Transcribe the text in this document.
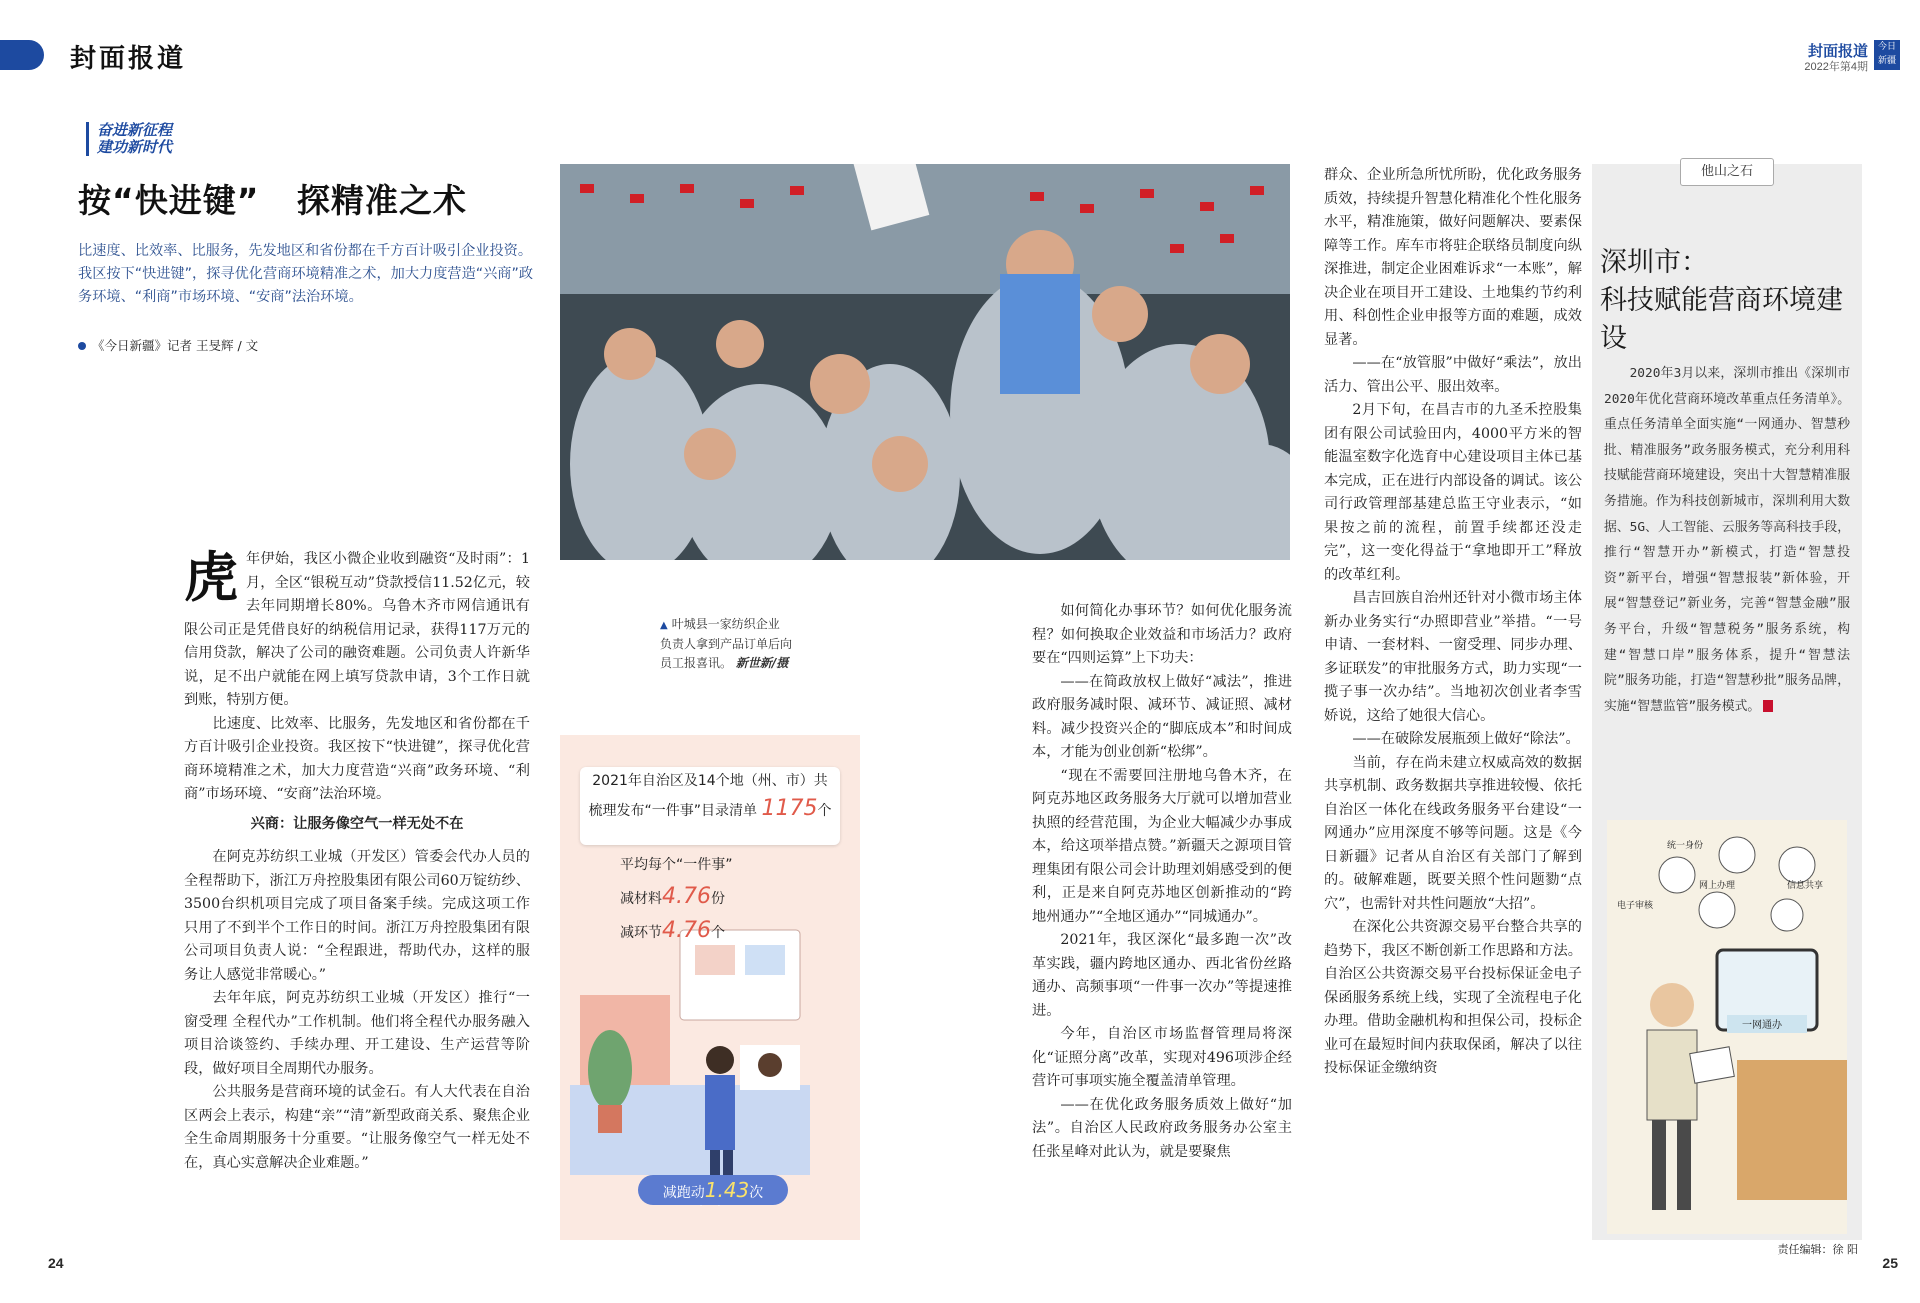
封面报道	封面报道
2022年第4期
今日新疆
奋进新征程
建功新时代
按“快进键”   探精准之术
比速度、比效率、比服务，先发地区和省份都在千方百计吸引企业投资。我区按下“快进键”，探寻优化营商环境精准之术，加大力度营造“兴商”政务环境、“利商”市场环境、“安商”法治环境。
《今日新疆》记者 王旻辉 / 文

虎年伊始，我区小微企业收到融资“及时雨”：1月，全区“银税互动”贷款授信11.52亿元，较去年同期增长80%。乌鲁木齐市网信通讯有限公司正是凭借良好的纳税信用记录，获得117万元的信用贷款，解决了公司的融资难题。公司负责人许新华说，足不出户就能在网上填写贷款申请，3个工作日就到账，特别方便。

比速度、比效率、比服务，先发地区和省份都在千方百计吸引企业投资。我区按下“快进键”，探寻优化营商环境精准之术，加大力度营造“兴商”政务环境、“利商”市场环境、“安商”法治环境。

兴商：让服务像空气一样无处不在

在阿克苏纺织工业城（开发区）管委会代办人员的全程帮助下，浙江万舟控股集团有限公司60万锭纺纱、3500台织机项目完成了项目备案手续。完成这项工作只用了不到半个工作日的时间。浙江万舟控股集团有限公司项目负责人说：“全程跟进，帮助代办，这样的服务让人感觉非常暖心。”

去年年底，阿克苏纺织工业城（开发区）推行“一窗受理 全程代办”工作机制。他们将全程代办服务融入项目洽谈签约、手续办理、开工建设、生产运营等阶段，做好项目全周期代办服务。

公共服务是营商环境的试金石。有人大代表在自治区两会上表示，构建“亲”“清”新型政商关系、聚焦企业全生命周期服务十分重要。“让服务像空气一样无处不在，真心实意解决企业难题。”

▲ 叶城县一家纺织企业
负责人拿到产品订单后向
员工报喜讯。 新世新/摄
2021年自治区及14个地（州、市）共
梳理发布“一件事”目录清单 1175个
平均每个“一件事”
减材料4.76份
减环节4.76个
减跑动1.43次

如何简化办事环节？如何优化服务流程？如何换取企业效益和市场活力？政府要在“四则运算”上下功夫：

——在简政放权上做好“减法”，推进政府服务减时限、减环节、减证照、减材料。减少投资兴企的“脚底成本”和时间成本，才能为创业创新“松绑”。

“现在不需要回注册地乌鲁木齐，在阿克苏地区政务服务大厅就可以增加营业执照的经营范围，为企业大幅减少办事成本，给这项举措点赞。”新疆天之源项目管理集团有限公司会计助理刘娟感受到的便利，正是来自阿克苏地区创新推动的“跨地州通办”“全地区通办”“同城通办”。

2021年，我区深化“最多跑一次”改革实践，疆内跨地区通办、西北省份丝路通办、高频事项“一件事一次办”等提速推进。

今年，自治区市场监督管理局将深化“证照分离”改革，实现对496项涉企经营许可事项实施全覆盖清单管理。

——在优化政务服务质效上做好“加法”。自治区人民政府政务服务办公室主任张星峰对此认为，就是要聚焦

群众、企业所急所忧所盼，优化政务服务质效，持续提升智慧化精准化个性化服务水平，精准施策，做好问题解决、要素保障等工作。库车市将驻企联络员制度向纵深推进，制定企业困难诉求“一本账”，解决企业在项目开工建设、土地集约节约利用、科创性企业申报等方面的难题，成效显著。

——在“放管服”中做好“乘法”，放出活力、管出公平、服出效率。

2月下旬，在昌吉市的九圣禾控股集团有限公司试验田内，4000平方米的智能温室数字化选育中心建设项目主体已基本完成，正在进行内部设备的调试。该公司行政管理部基建总监王守业表示，“如果按之前的流程，前置手续都还没走完”，这一变化得益于“拿地即开工”释放的改革红利。

昌吉回族自治州还针对小微市场主体新办业务实行“办照即营业”举措。“一号申请、一套材料、一窗受理、同步办理、多证联发”的审批服务方式，助力实现“一揽子事一次办结”。当地初次创业者李雪娇说，这给了她很大信心。

——在破除发展瓶颈上做好“除法”。

当前，存在尚未建立权威高效的数据共享机制、政务数据共享推进较慢、依托自治区一体化在线政务服务平台建设“一网通办”应用深度不够等问题。这是《今日新疆》记者从自治区有关部门了解到的。破解难题，既要关照个性问题勠“点穴”，也需针对共性问题放“大招”。

在深化公共资源交易平台整合共享的趋势下，我区不断创新工作思路和方法。自治区公共资源交易平台投标保证金电子保函服务系统上线，实现了全流程电子化办理。借助金融机构和担保公司，投标企业可在最短时间内获取保函，解决了以往投标保证金缴纳资

他山之石
深圳市：
科技赋能营商环境建设

2020年3月以来，深圳市推出《深圳市2020年优化营商环境改革重点任务清单》。重点任务清单全面实施“一网通办、智慧秒批、精准服务”政务服务模式，充分利用科技赋能营商环境建设，突出十大智慧精准服务措施。作为科技创新城市，深圳利用大数据、5G、人工智能、云服务等高科技手段，推行“智慧开办”新模式，打造“智慧投资”新平台，增强“智慧报装”新体验，开展“智慧登记”新业务，完善“智慧金融”服务平台，升级“智慧税务”服务系统，构建“智慧口岸”服务体系，提升“智慧法院”服务功能，打造“智慧秒批”服务品牌，实施“智慧监管”服务模式。

统一身份
网上办理
电子审核
信息共享
一网通办
24
责任编辑：徐 阳
25
